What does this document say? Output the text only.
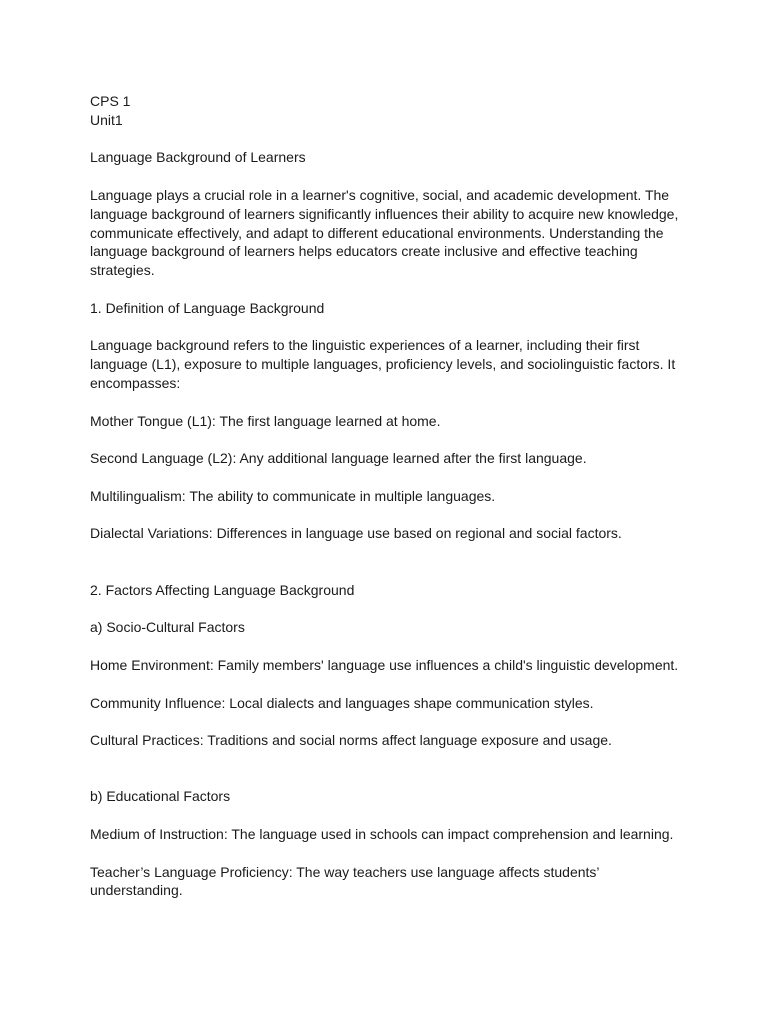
CPS 1

Unit1

Language Background of Learners

Language plays a crucial role in a learner's cognitive, social, and academic development. The language background of learners significantly influences their ability to acquire new knowledge, communicate effectively, and adapt to different educational environments. Understanding the language background of learners helps educators create inclusive and effective teaching strategies.

1. Definition of Language Background

Language background refers to the linguistic experiences of a learner, including their first language (L1), exposure to multiple languages, proficiency levels, and sociolinguistic factors. It encompasses:

Mother Tongue (L1): The first language learned at home.

Second Language (L2): Any additional language learned after the first language.

Multilingualism: The ability to communicate in multiple languages.

Dialectal Variations: Differences in language use based on regional and social factors.

2. Factors Affecting Language Background

a) Socio-Cultural Factors

Home Environment: Family members' language use influences a child's linguistic development.

Community Influence: Local dialects and languages shape communication styles.

Cultural Practices: Traditions and social norms affect language exposure and usage.

b) Educational Factors

Medium of Instruction: The language used in schools can impact comprehension and learning.

Teacher’s Language Proficiency: The way teachers use language affects students’ understanding.
